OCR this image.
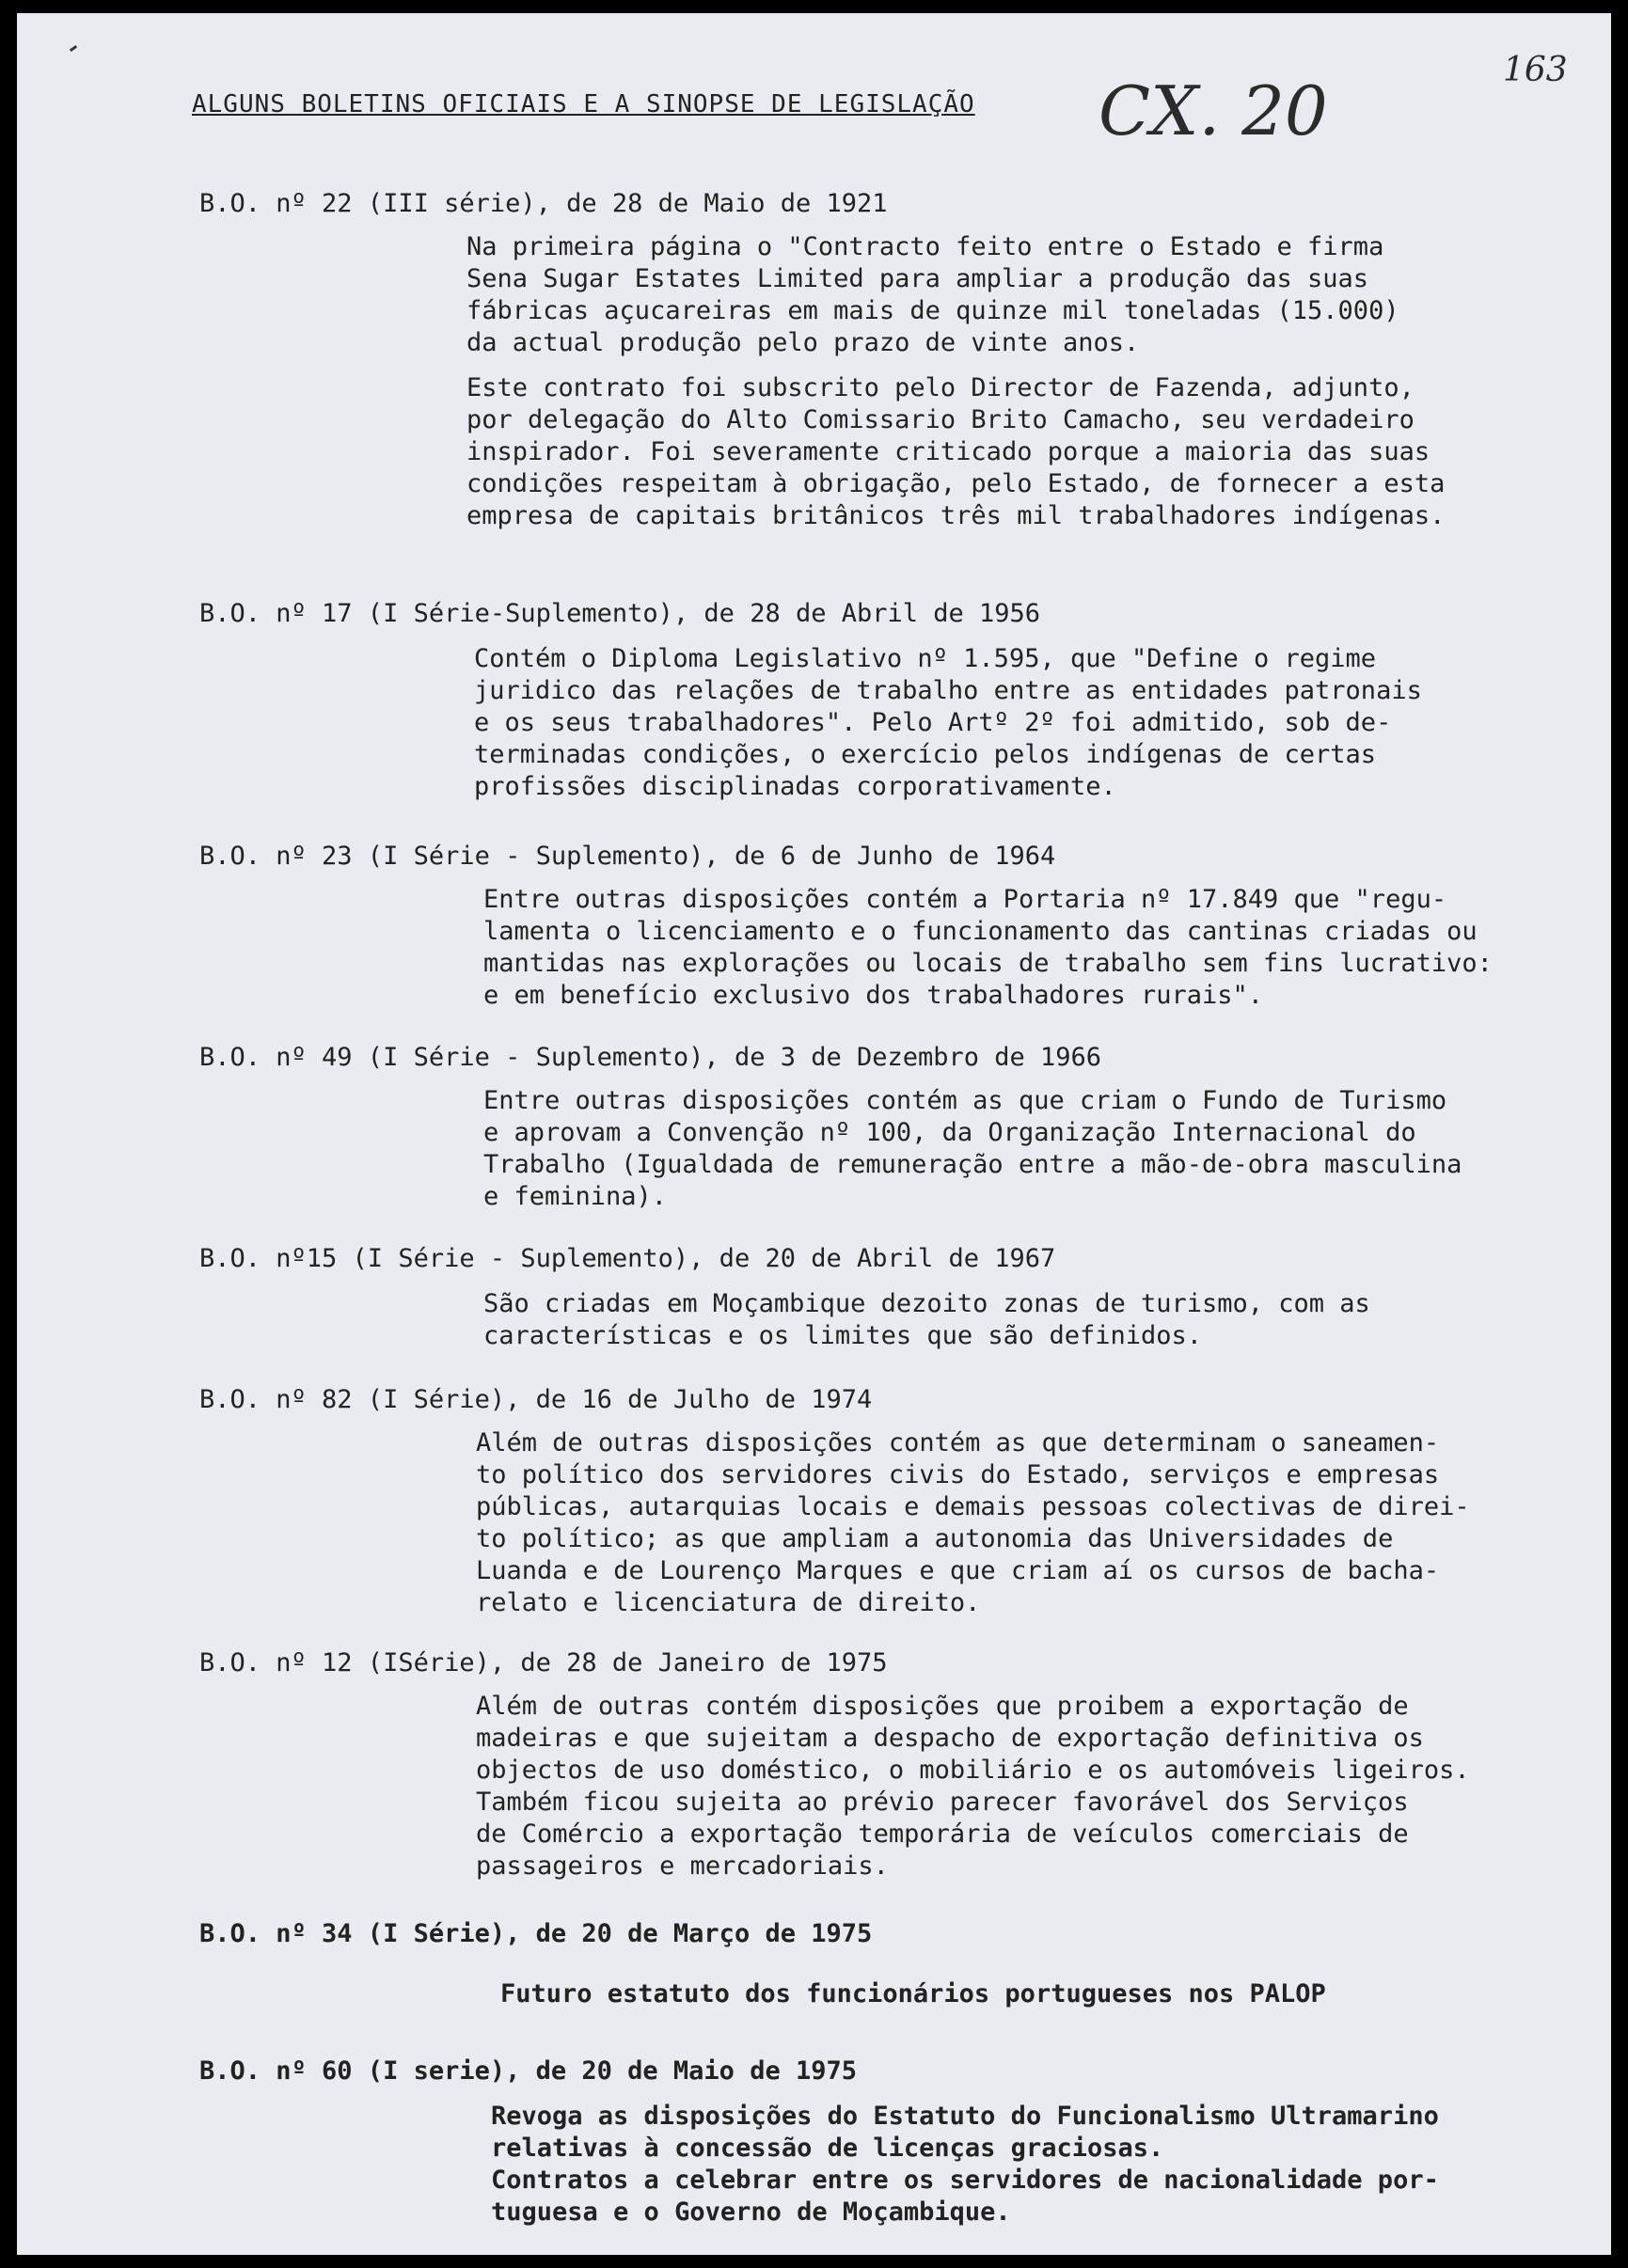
ALGUNS BOLETINS OFICIAIS E A SINOPSE DE LEGISLAÇÃO CX. 20
163
B.O. nº 22 (III série), de 28 de Maio de 1921

Na primeira página o "Contracto feito entre o Estado e firma

Sena Sugar Estates Limited para ampliar a produção das suas

fábricas açucareiras em mais de quinze mil toneladas (15.000)

da actual produção pelo prazo de vinte anos.

Este contrato foi subscrito pelo Director de Fazenda, adjunto,

por delegação do Alto Comissario Brito Camacho, seu verdadeiro

inspirador. Foi severamente criticado porque a maioria das suas

condições respeitam à obrigação, pelo Estado, de fornecer a esta

empresa de capitais britânicos três mil trabalhadores indígenas.

B.O. nº 17 (I Série-Suplemento), de 28 de Abril de 1956

Contém o Diploma Legislativo nº 1.595, que "Define o regime

juridico das relações de trabalho entre as entidades patronais

e os seus trabalhadores". Pelo Artº 2º foi admitido, sob de-

terminadas condições, o exercício pelos indígenas de certas

profissões disciplinadas corporativamente.

B.O. nº 23 (I Série - Suplemento), de 6 de Junho de 1964

Entre outras disposições contém a Portaria nº 17.849 que "regu-

lamenta o licenciamento e o funcionamento das cantinas criadas ou

mantidas nas explorações ou locais de trabalho sem fins lucrativo:

e em benefício exclusivo dos trabalhadores rurais".

B.O. nº 49 (I Série - Suplemento), de 3 de Dezembro de 1966

Entre outras disposições contém as que criam o Fundo de Turismo

e aprovam a Convenção nº 100, da Organização Internacional do

Trabalho (Igualdada de remuneração entre a mão-de-obra masculina

e feminina).

B.O. nº15 (I Série - Suplemento), de 20 de Abril de 1967

São criadas em Moçambique dezoito zonas de turismo, com as

características e os limites que são definidos.

B.O. nº 82 (I Série), de 16 de Julho de 1974

Além de outras disposições contém as que determinam o saneamen-

to político dos servidores civis do Estado, serviços e empresas

públicas, autarquias locais e demais pessoas colectivas de direi-

to político; as que ampliam a autonomia das Universidades de

Luanda e de Lourenço Marques e que criam aí os cursos de bacha-

relato e licenciatura de direito.

B.O. nº 12 (ISérie), de 28 de Janeiro de 1975

Além de outras contém disposições que proibem a exportação de

madeiras e que sujeitam a despacho de exportação definitiva os

objectos de uso doméstico, o mobiliário e os automóveis ligeiros.

Também ficou sujeita ao prévio parecer favorável dos Serviços

de Comércio a exportação temporária de veículos comerciais de

passageiros e mercadoriais.

B.O. nº 34 (I Série), de 20 de Março de 1975

Futuro estatuto dos funcionários portugueses nos PALOP

B.O. nº 60 (I serie), de 20 de Maio de 1975

Revoga as disposições do Estatuto do Funcionalismo Ultramarino

relativas à concessão de licenças graciosas.

Contratos a celebrar entre os servidores de nacionalidade por-

tuguesa e o Governo de Moçambique.
